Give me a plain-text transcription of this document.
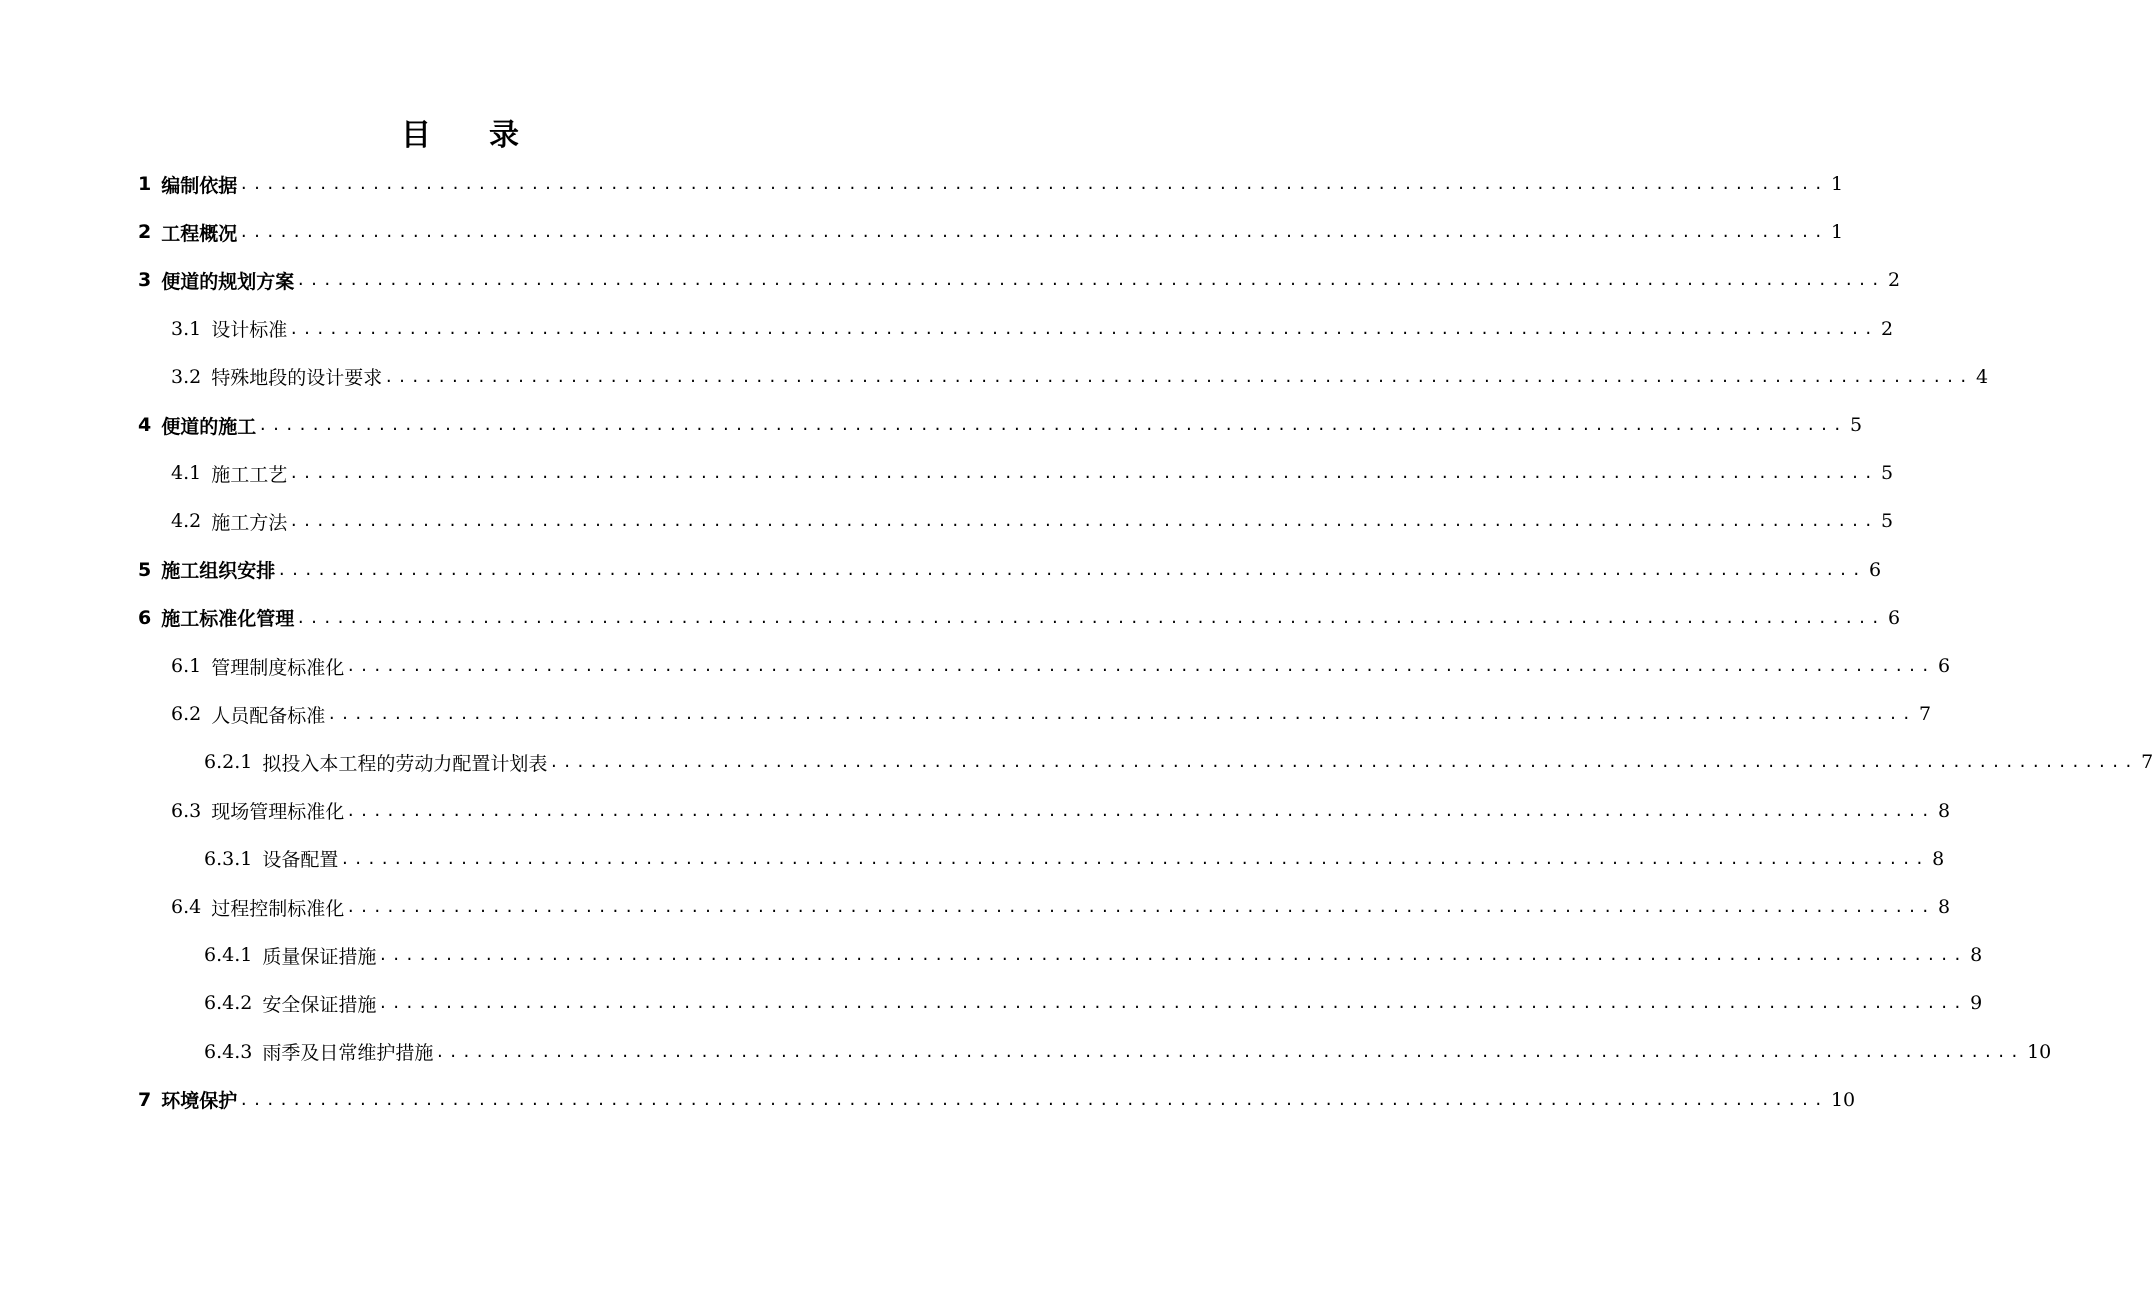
目 录
1 编制依据 ........................................................................................................................ 1
2 工程概况 ........................................................................................................................ 1
3 便道的规划方案 ........................................................................................................................ 2
3.1 设计标准 ........................................................................................................................ 2
3.2 特殊地段的设计要求 ........................................................................................................................ 4
4 便道的施工 ........................................................................................................................ 5
4.1 施工工艺 ........................................................................................................................ 5
4.2 施工方法 ........................................................................................................................ 5
5 施工组织安排 ........................................................................................................................ 6
6 施工标准化管理 ........................................................................................................................ 6
6.1 管理制度标准化 ........................................................................................................................ 6
6.2 人员配备标准 ........................................................................................................................ 7
6.2.1 拟投入本工程的劳动力配置计划表 ........................................................................................................................ 7
6.3 现场管理标准化 ........................................................................................................................ 8
6.3.1 设备配置 ........................................................................................................................ 8
6.4 过程控制标准化 ........................................................................................................................ 8
6.4.1 质量保证措施 ........................................................................................................................ 8
6.4.2 安全保证措施 ........................................................................................................................ 9
6.4.3 雨季及日常维护措施 ........................................................................................................................ 10
7 环境保护 ........................................................................................................................ 10
